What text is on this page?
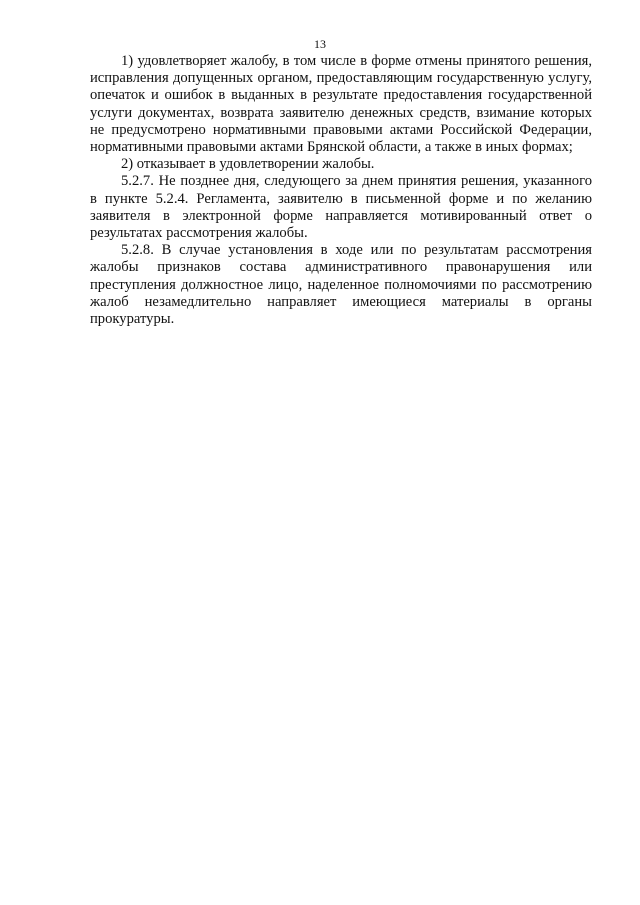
13

1) удовлетворяет жалобу, в том числе в форме отмены принятого решения, исправления допущенных органом, предоставляющим государственную услугу, опечаток и ошибок в выданных в результате предоставления государственной услуги документах, возврата заявителю денежных средств, взимание которых не предусмотрено нормативными правовыми актами Российской Федерации, нормативными правовыми актами Брянской области, а также в иных формах;

2) отказывает в удовлетворении жалобы.

5.2.7. Не позднее дня, следующего за днем принятия решения, указанного в пункте 5.2.4. Регламента, заявителю в письменной форме и по желанию заявителя в электронной форме направляется мотивированный ответ о результатах рассмотрения жалобы.

5.2.8. В случае установления в ходе или по результатам рассмотрения жалобы признаков состава административного правонарушения или преступления должностное лицо, наделенное полномочиями по рассмотрению жалоб незамедлительно направляет имеющиеся материалы в органы прокуратуры.
